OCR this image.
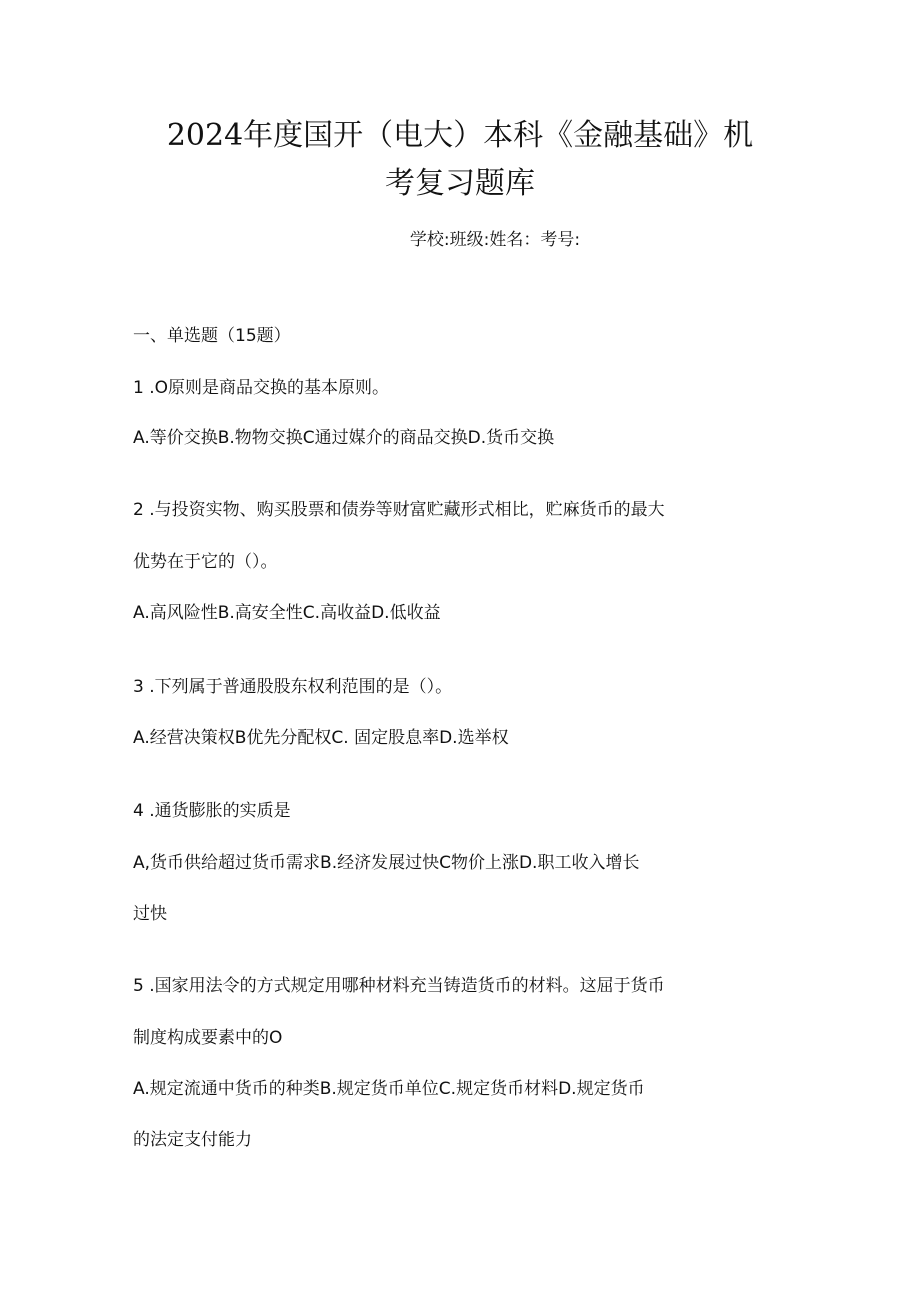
2024年度国开（电大）本科《金融基础》机
考复习题库
学校:班级:姓名：考号:
一、单选题（15题）
1 .O原则是商品交换的基本原则。
A.等价交换B.物物交换C通过媒介的商品交换D.货币交换
2 .与投资实物、购买股票和债券等财富贮藏形式相比，贮麻货币的最大
优势在于它的（）。
A.高风险性B.高安全性C.高收益D.低收益
3 .下列属于普通股股东权利范围的是（）。
A.经营决策权B优先分配权C. 固定股息率D.选举权
4 .通货膨胀的实质是
A,货币供给超过货币需求B.经济发展过快C物价上涨D.职工收入增长
过快
5 .国家用法令的方式规定用哪种材料充当铸造货币的材料。这屈于货币
制度构成要素中的O
A.规定流通中货币的种类B.规定货币单位C.规定货币材料D.规定货币
的法定支付能力
